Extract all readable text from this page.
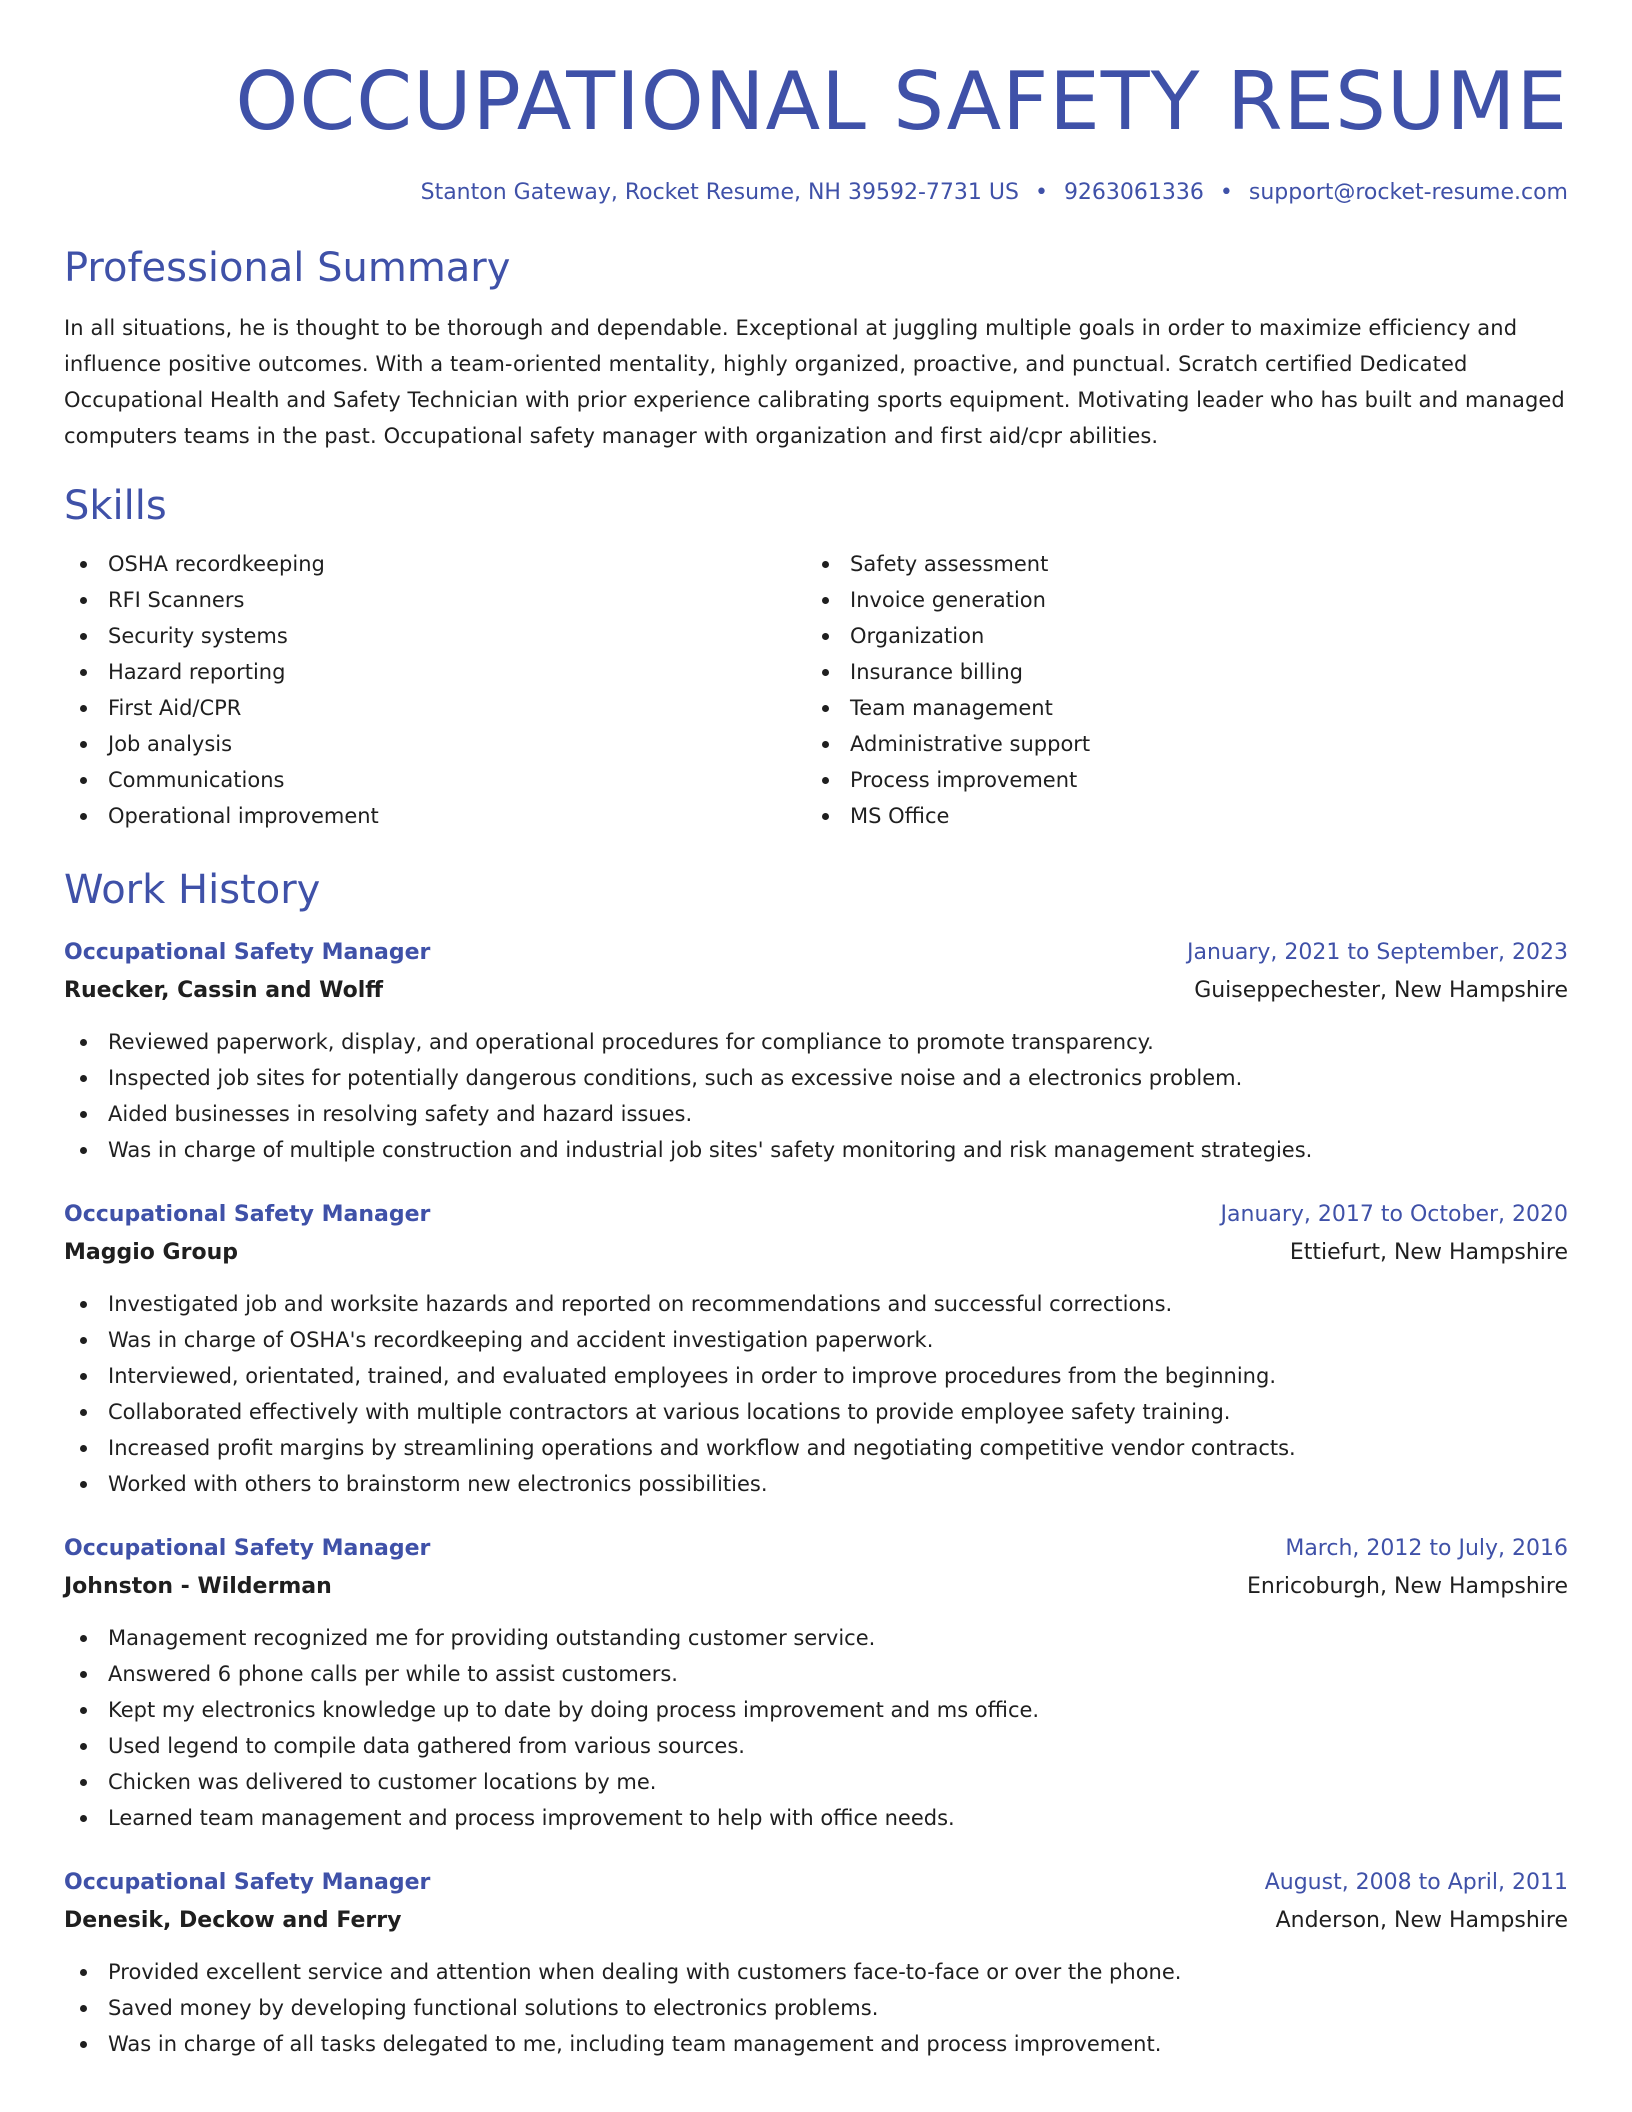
OCCUPATIONAL SAFETY RESUME
Stanton Gateway, Rocket Resume, NH 39592-7731 US • 9263061336 • support@rocket-resume.com
Professional Summary
In all situations, he is thought to be thorough and dependable. Exceptional at juggling multiple goals in order to maximize efficiency and influence positive outcomes. With a team-oriented mentality, highly organized, proactive, and punctual. Scratch certified Dedicated Occupational Health and Safety Technician with prior experience calibrating sports equipment. Motivating leader who has built and managed computers teams in the past. Occupational safety manager with organization and first aid/cpr abilities.
Skills
OSHA recordkeeping
RFI Scanners
Security systems
Hazard reporting
First Aid/CPR
Job analysis
Communications
Operational improvement
Safety assessment
Invoice generation
Organization
Insurance billing
Team management
Administrative support
Process improvement
MS Office
Work History
Occupational Safety Manager	January, 2021 to September, 2023
Ruecker, Cassin and Wolff	Guiseppechester, New Hampshire
Reviewed paperwork, display, and operational procedures for compliance to promote transparency.
Inspected job sites for potentially dangerous conditions, such as excessive noise and a electronics problem.
Aided businesses in resolving safety and hazard issues.
Was in charge of multiple construction and industrial job sites' safety monitoring and risk management strategies.
Occupational Safety Manager	January, 2017 to October, 2020
Maggio Group	Ettiefurt, New Hampshire
Investigated job and worksite hazards and reported on recommendations and successful corrections.
Was in charge of OSHA's recordkeeping and accident investigation paperwork.
Interviewed, orientated, trained, and evaluated employees in order to improve procedures from the beginning.
Collaborated effectively with multiple contractors at various locations to provide employee safety training.
Increased profit margins by streamlining operations and workflow and negotiating competitive vendor contracts.
Worked with others to brainstorm new electronics possibilities.
Occupational Safety Manager	March, 2012 to July, 2016
Johnston - Wilderman	Enricoburgh, New Hampshire
Management recognized me for providing outstanding customer service.
Answered 6 phone calls per while to assist customers.
Kept my electronics knowledge up to date by doing process improvement and ms office.
Used legend to compile data gathered from various sources.
Chicken was delivered to customer locations by me.
Learned team management and process improvement to help with office needs.
Occupational Safety Manager	August, 2008 to April, 2011
Denesik, Deckow and Ferry	Anderson, New Hampshire
Provided excellent service and attention when dealing with customers face-to-face or over the phone.
Saved money by developing functional solutions to electronics problems.
Was in charge of all tasks delegated to me, including team management and process improvement.
